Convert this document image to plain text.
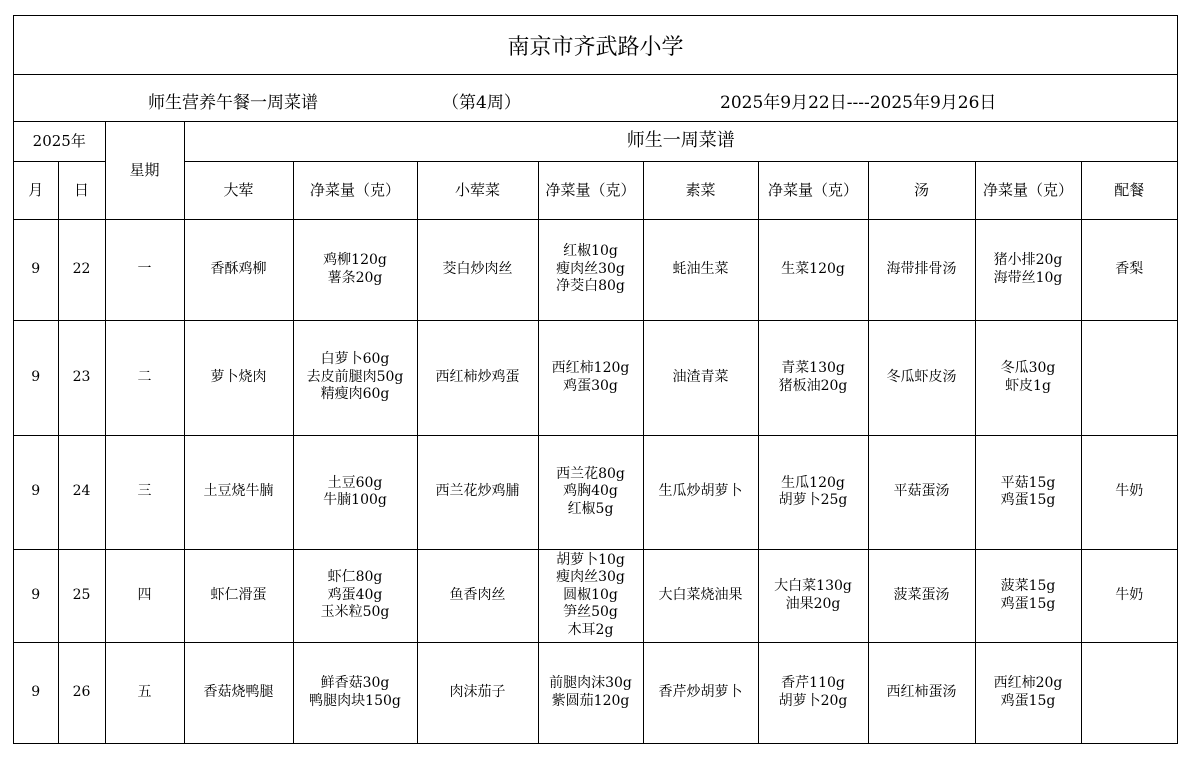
南京市齐武路小学
师生营养午餐一周菜谱	（第4周）	2025年9月22日----2025年9月26日
2025年		星期	师生一周菜谱								
月	日		大荤	净菜量（克）	小荤菜	净菜量（克）	素菜	净菜量（克）	汤	净菜量（克）	配餐
9	22	一	香酥鸡柳	鸡柳120g
薯条20g	茭白炒肉丝	红椒10g
瘦肉丝30g
净茭白80g	蚝油生菜	生菜120g	海带排骨汤	猪小排20g
海带丝10g	香梨
9	23	二	萝卜烧肉	白萝卜60g
去皮前腿肉50g
精瘦肉60g	西红柿炒鸡蛋	西红柿120g
鸡蛋30g	油渣青菜	青菜130g
猪板油20g	冬瓜虾皮汤	冬瓜30g
虾皮1g	

9	24	三	土豆烧牛腩	土豆60g
牛腩100g	西兰花炒鸡脯	西兰花80g
鸡胸40g
红椒5g	生瓜炒胡萝卜	生瓜120g
胡萝卜25g	平菇蛋汤	平菇15g
鸡蛋15g	牛奶
9	25	四	虾仁滑蛋	虾仁80g
鸡蛋40g
玉米粒50g	鱼香肉丝	胡萝卜10g
瘦肉丝30g
圆椒10g
笋丝50g
木耳2g	大白菜烧油果	大白菜130g
油果20g	菠菜蛋汤	菠菜15g
鸡蛋15g	牛奶
9	26	五	香菇烧鸭腿	鲜香菇30g
鸭腿肉块150g	肉沫茄子	前腿肉沫30g
紫圆茄120g	香芹炒胡萝卜	香芹110g
胡萝卜20g	西红柿蛋汤	西红柿20g
鸡蛋15g	
